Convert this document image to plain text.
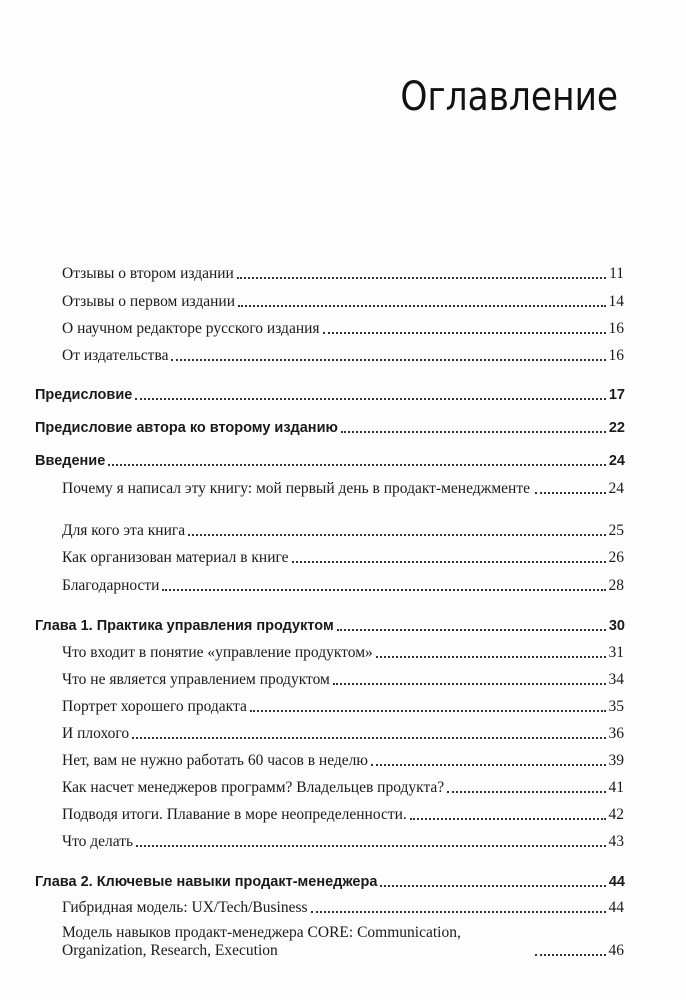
Оглавление
Отзывы о втором издании	11
Отзывы о первом издании	14
О научном редакторе русского издания	16
От издательства	16
Предисловие	17
Предисловие автора ко второму изданию	22
Введение	24
Почему я написал эту книгу: мой первый день в продакт-менеджменте	24
Для кого эта книга	25
Как организован материал в книге	26
Благодарности	28
Глава 1. Практика управления продуктом	30
Что входит в понятие «управление продуктом»	31
Что не является управлением продуктом	34
Портрет хорошего продакта	35
И плохого	36
Нет, вам не нужно работать 60 часов в неделю	39
Как насчет менеджеров программ? Владельцев продукта?	41
Подводя итоги. Плавание в море неопределенности.	42
Что делать	43
Глава 2. Ключевые навыки продакт-менеджера	44
Гибридная модель: UX/Tech/Business	44
Модель навыков продакт-менеджера CORE: Communication, Organization, Research, Execution	46
